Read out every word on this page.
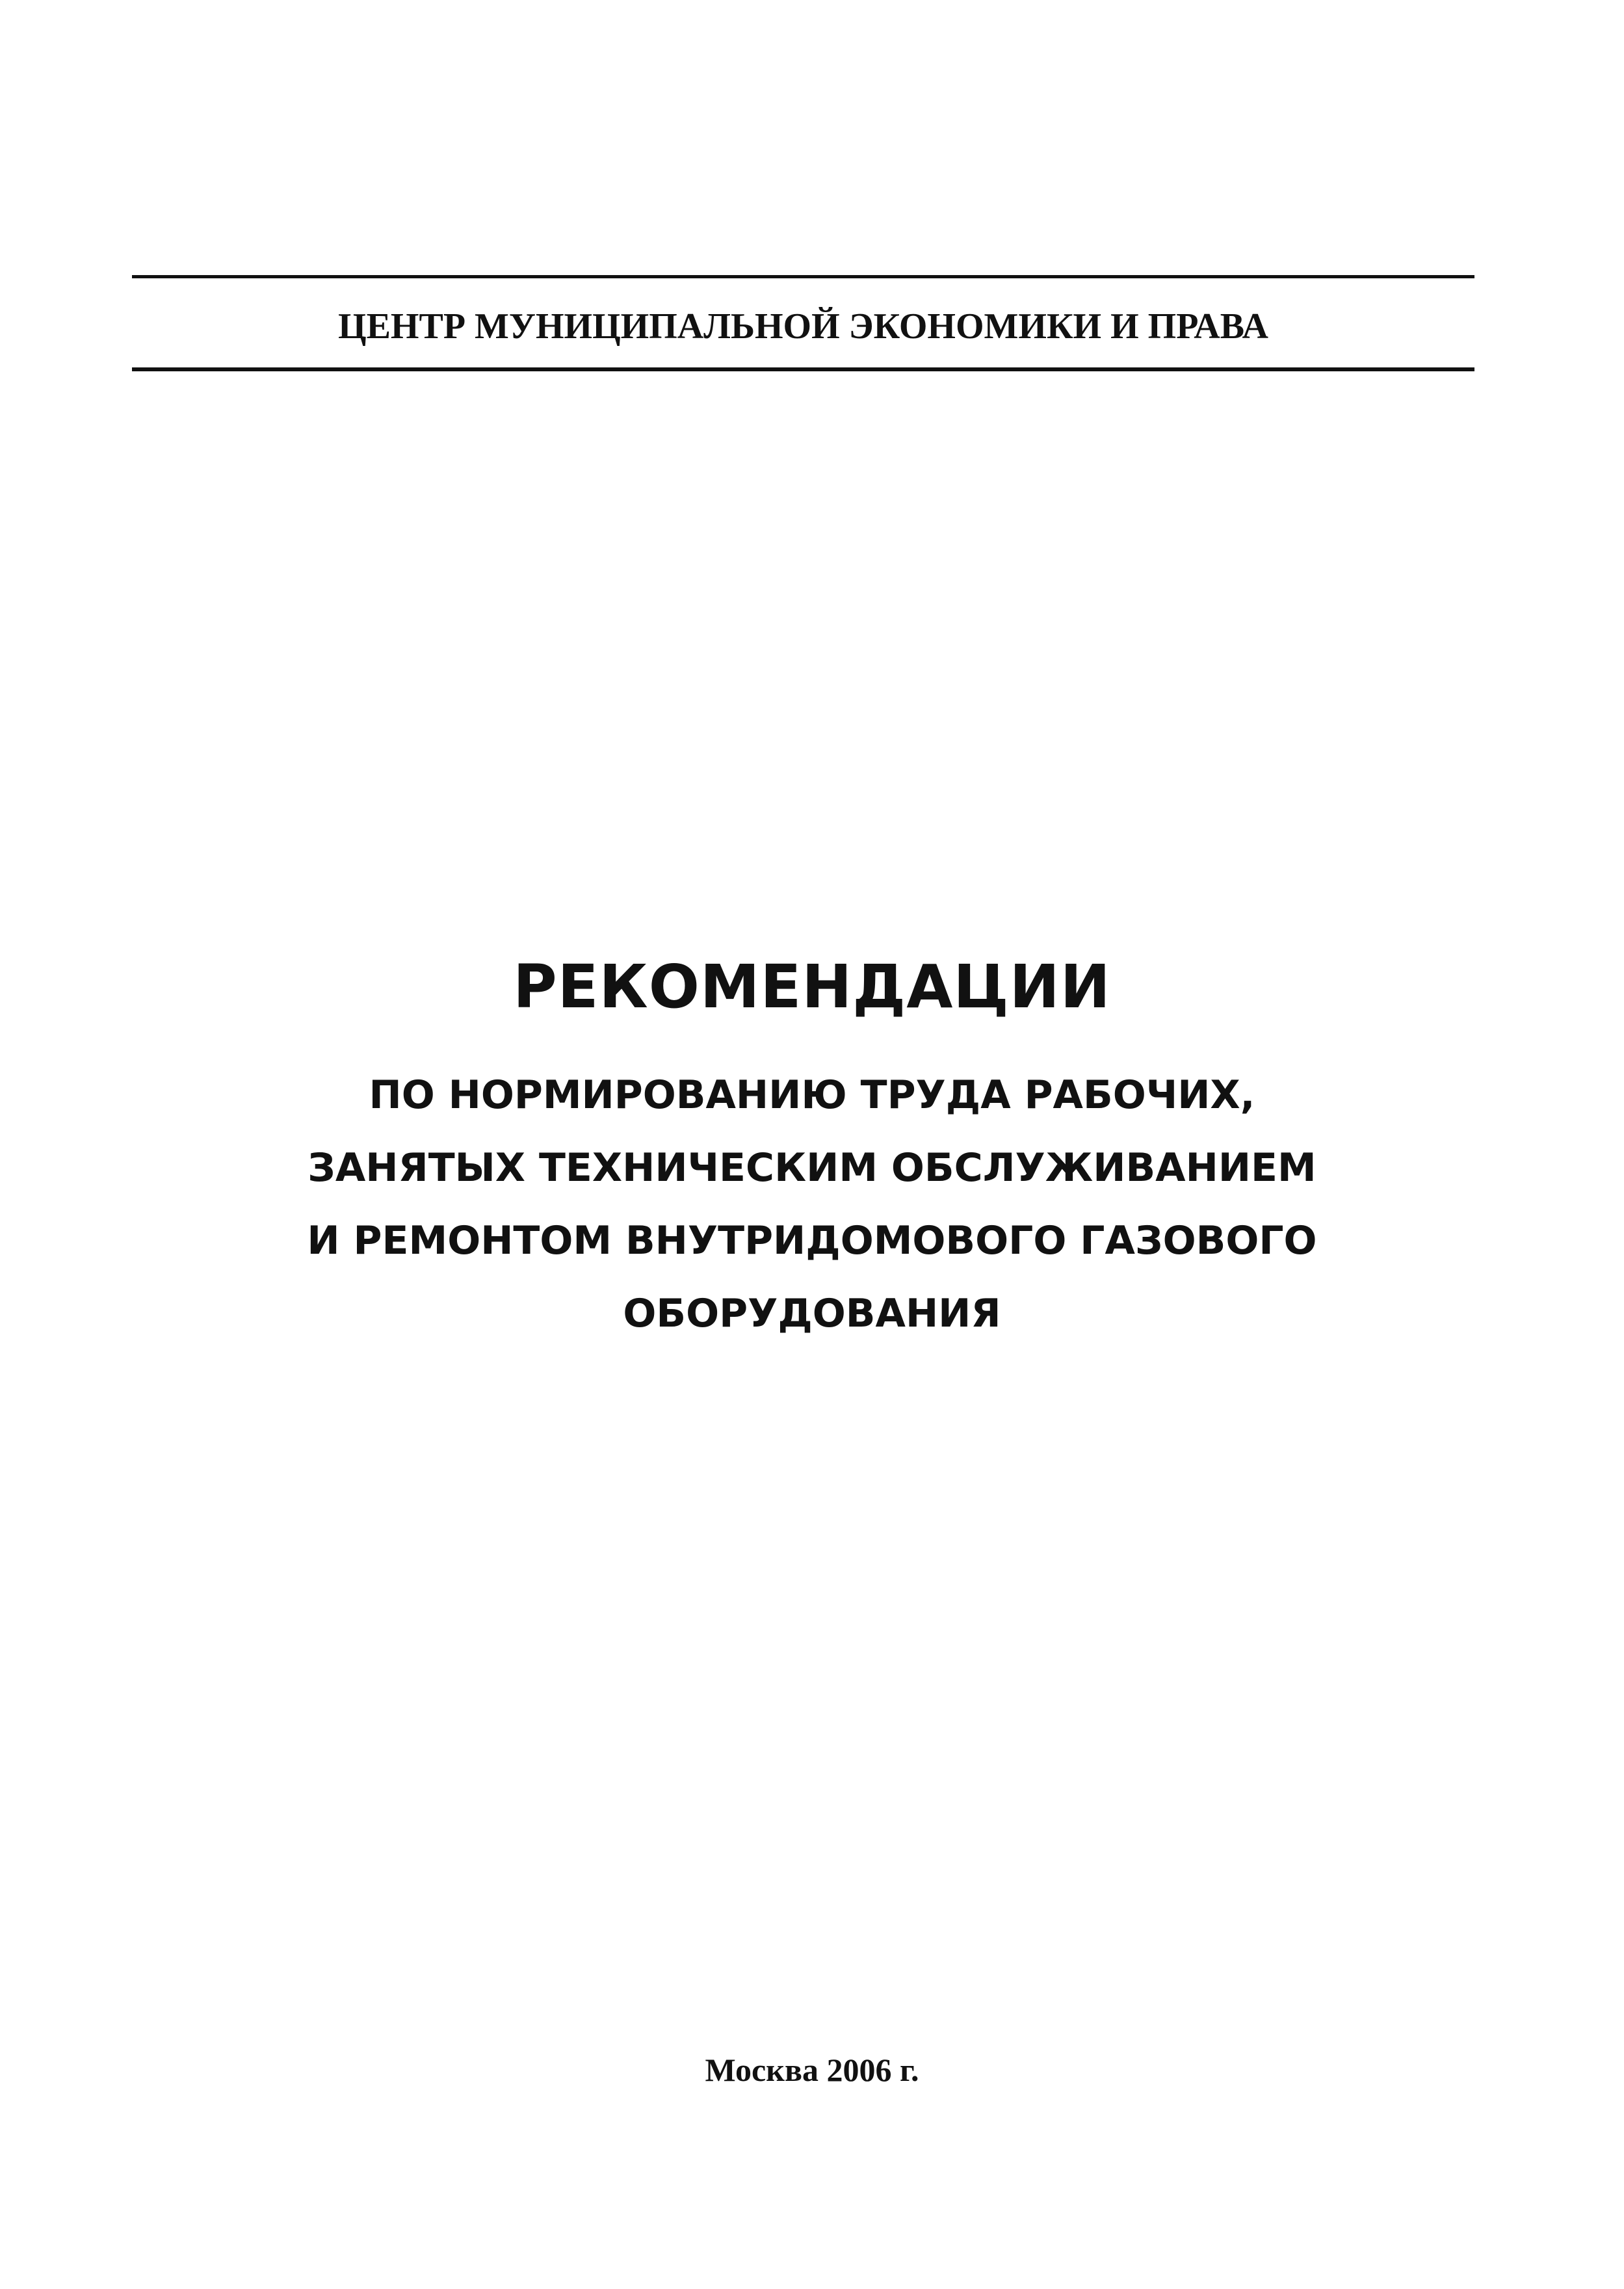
ЦЕНТР МУНИЦИПАЛЬНОЙ ЭКОНОМИКИ И ПРАВА
РЕКОМЕНДАЦИИ
ПО НОРМИРОВАНИЮ ТРУДА РАБОЧИХ,
ЗАНЯТЫХ ТЕХНИЧЕСКИМ ОБСЛУЖИВАНИЕМ
И РЕМОНТОМ ВНУТРИДОМОВОГО ГАЗОВОГО
ОБОРУДОВАНИЯ
Москва 2006 г.
